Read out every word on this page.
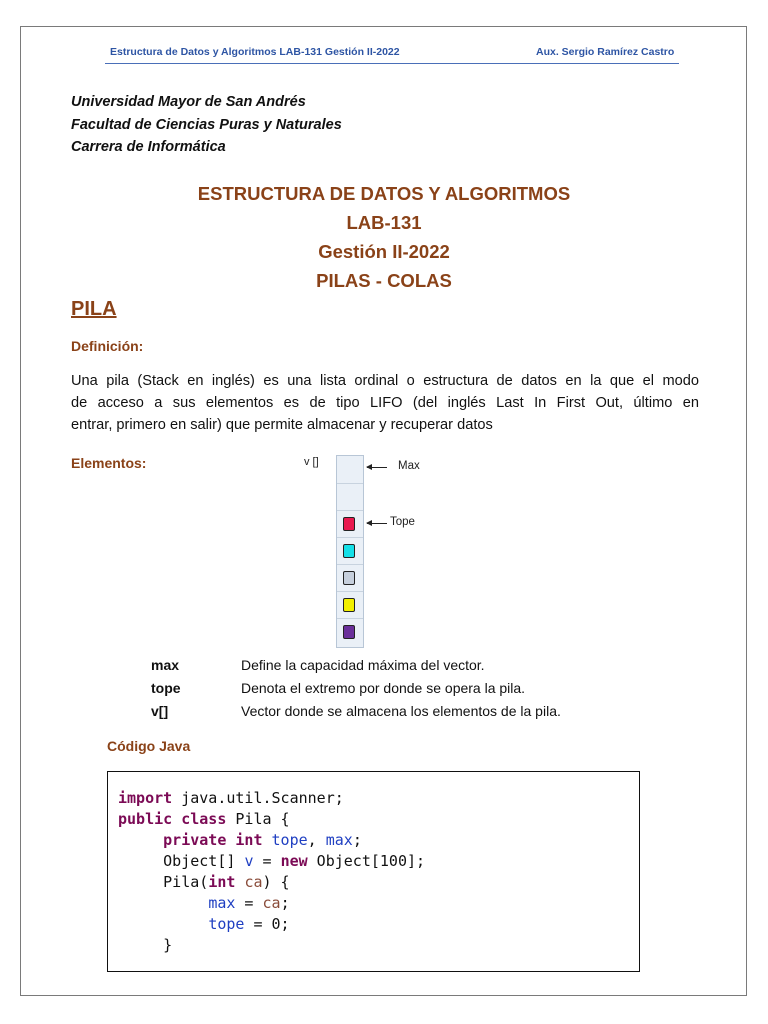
Estructura de Datos y Algoritmos LAB-131 Gestión II-2022	Aux. Sergio Ramírez Castro
Universidad Mayor de San Andrés
Facultad de Ciencias Puras y Naturales
Carrera de Informática
ESTRUCTURA DE DATOS Y ALGORITMOS
LAB-131
Gestión II-2022
PILAS - COLAS
PILA
Definición:
Una pila (Stack en inglés) es una lista ordinal o estructura de datos en la que el modo
de acceso a sus elementos es de tipo LIFO (del inglés Last In First Out, último en
entrar, primero en salir) que permite almacenar y recuperar datos
Elementos:	v []	Max
Tope
max	Define la capacidad máxima del vector.
tope	Denota el extremo por donde se opera la pila.
v[]	Vector donde se almacena los elementos de la pila.
Código Java
import java.util.Scanner;
public class Pila {
private int tope, max;
Object[] v = new Object[100];
Pila(int ca) {
max = ca;
tope = 0;
}
